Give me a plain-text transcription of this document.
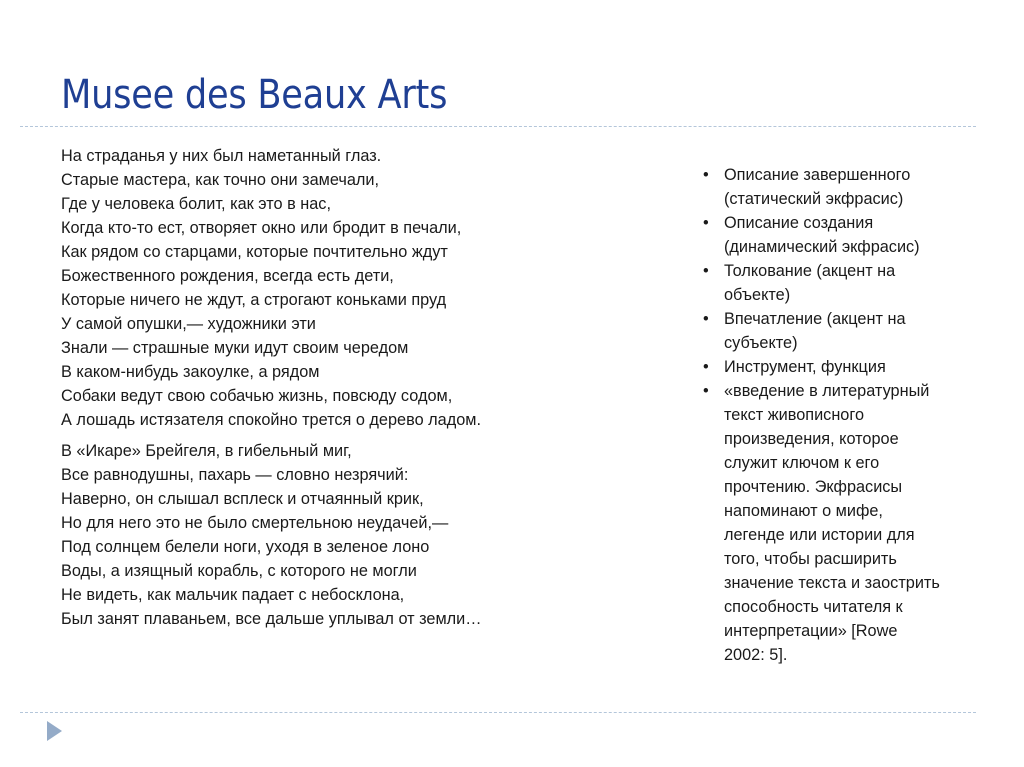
Musee des Beaux Arts
На страданья у них был наметанный глаз.
Старые мастера, как точно они замечали,
Где у человека болит, как это в нас,
Когда кто-то ест, отворяет окно или бродит в печали,
Как рядом со старцами, которые почтительно ждут
Божественного рождения, всегда есть дети,
Которые ничего не ждут, а строгают коньками пруд
У самой опушки,— художники эти
Знали — страшные муки идут своим чередом
В каком-нибудь закоулке, а рядом
Собаки ведут свою собачью жизнь, повсюду содом,
А лошадь истязателя спокойно трется о дерево ладом.
В «Икаре» Брейгеля, в гибельный миг,
Все равнодушны, пахарь — словно незрячий:
Наверно, он слышал всплеск и отчаянный крик,
Но для него это не было смертельною неудачей,—
Под солнцем белели ноги, уходя в зеленое лоно
Воды, а изящный корабль, с которого не могли
Не видеть, как мальчик падает с небосклона,
Был занят плаваньем, все дальше уплывал от земли…
• Описание завершенного
(статический экфрасис)
• Описание создания
(динамический экфрасис)
• Толкование (акцент на
объекте)
• Впечатление (акцент на
субъекте)
• Инструмент, функция
• «введение в литературный
текст живописного
произведения, которое
служит ключом к его
прочтению. Экфрасисы
напоминают о мифе,
легенде или истории для
того, чтобы расширить
значение текста и заострить
способность читателя к
интерпретации» [Rowe
2002: 5].
